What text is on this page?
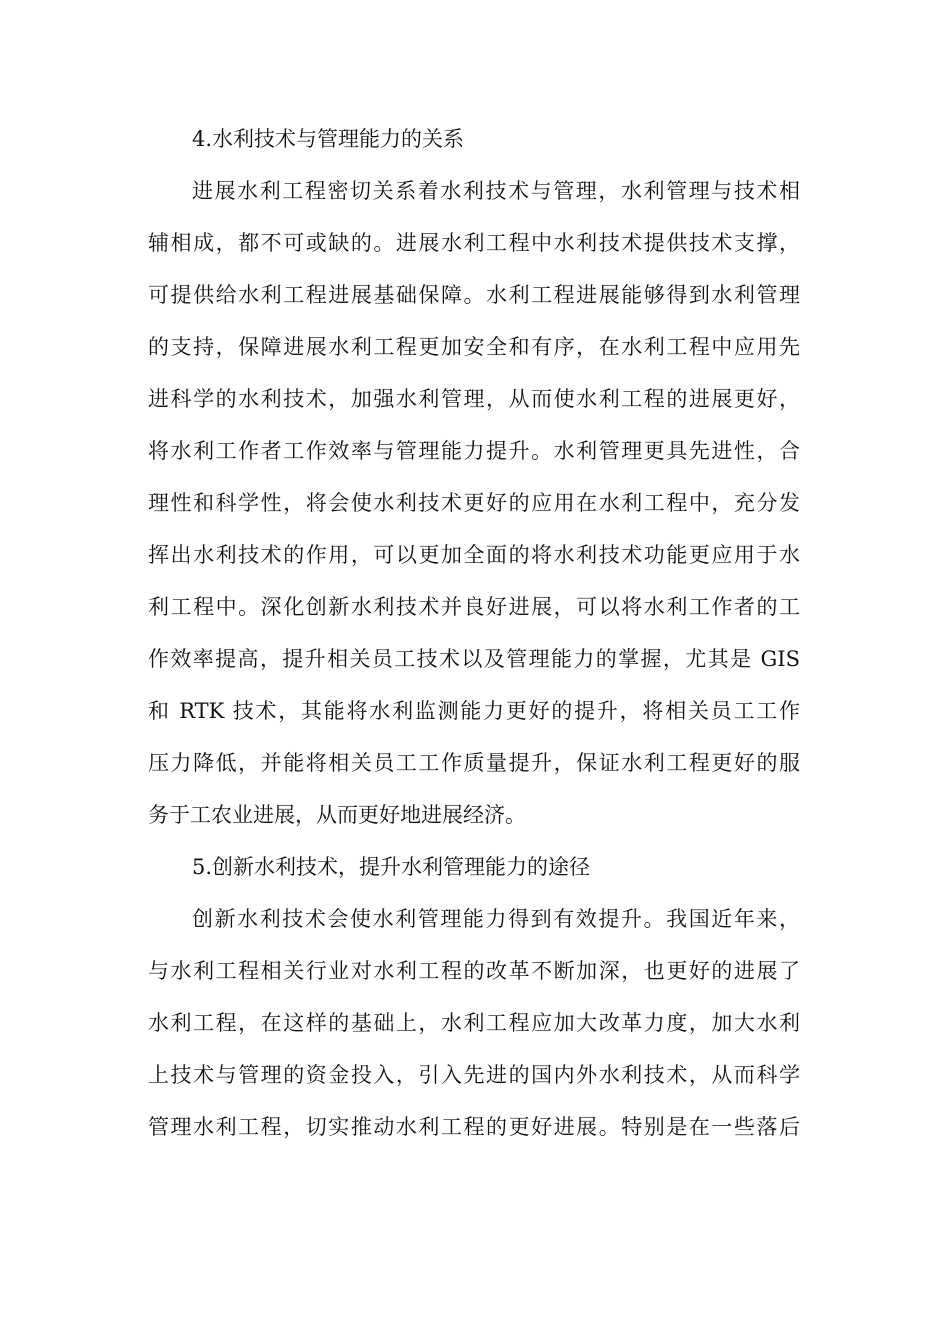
4.水利技术与管理能力的关系
进展水利工程密切关系着水利技术与管理，水利管理与技术相
辅相成，都不可或缺的。进展水利工程中水利技术提供技术支撑，
可提供给水利工程进展基础保障。水利工程进展能够得到水利管理
的支持，保障进展水利工程更加安全和有序，在水利工程中应用先
进科学的水利技术，加强水利管理，从而使水利工程的进展更好，
将水利工作者工作效率与管理能力提升。水利管理更具先进性，合
理性和科学性，将会使水利技术更好的应用在水利工程中，充分发
挥出水利技术的作用，可以更加全面的将水利技术功能更应用于水
利工程中。深化创新水利技术并良好进展，可以将水利工作者的工
作效率提高，提升相关员工技术以及管理能力的掌握，尤其是 GIS
和 RTK 技术，其能将水利监测能力更好的提升，将相关员工工作
压力降低，并能将相关员工工作质量提升，保证水利工程更好的服
务于工农业进展，从而更好地进展经济。
5.创新水利技术，提升水利管理能力的途径
创新水利技术会使水利管理能力得到有效提升。我国近年来，
与水利工程相关行业对水利工程的改革不断加深，也更好的进展了
水利工程，在这样的基础上，水利工程应加大改革力度，加大水利
上技术与管理的资金投入，引入先进的国内外水利技术，从而科学
管理水利工程，切实推动水利工程的更好进展。特别是在一些落后
